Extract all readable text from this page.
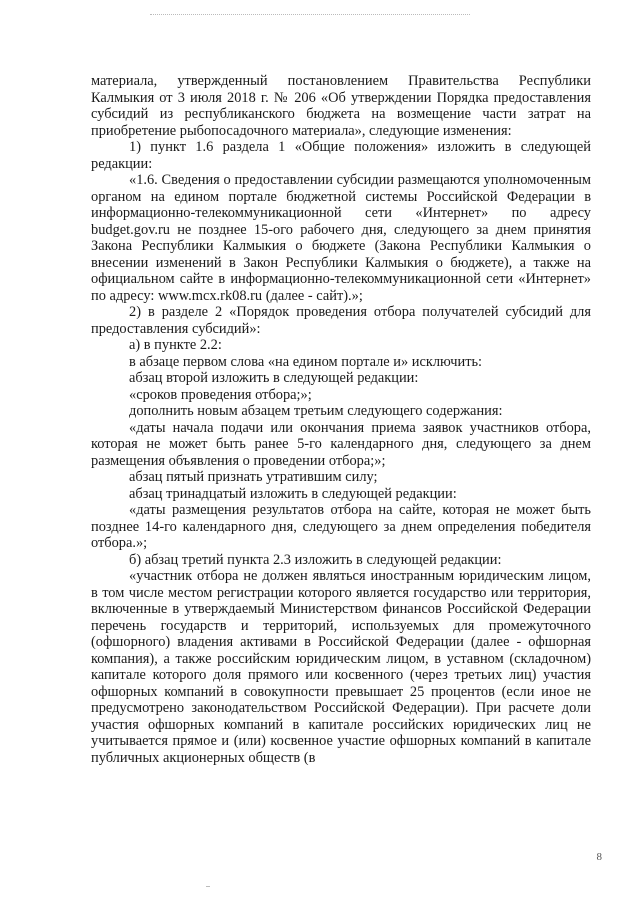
материала, утвержденный постановлением Правительства Республики Калмыкия от 3 июля 2018 г. № 206 «Об утверждении Порядка предоставления субсидий из республиканского бюджета на возмещение части затрат на приобретение рыбопосадочного материала», следующие изменения:

1) пункт 1.6 раздела 1 «Общие положения» изложить в следующей редакции:

«1.6. Сведения о предоставлении субсидии размещаются уполномоченным органом на едином портале бюджетной системы Российской Федерации в информационно-телекоммуникационной сети «Интернет» по адресу budget.gov.ru не позднее 15-ого рабочего дня, следующего за днем принятия Закона Республики Калмыкия о бюджете (Закона Республики Калмыкия о внесении изменений в Закон Республики Калмыкия о бюджете), а также на официальном сайте в информационно-телекоммуникационной сети «Интернет» по адресу: www.mcx.rk08.ru (далее - сайт).»;

2) в разделе 2 «Порядок проведения отбора получателей субсидий для предоставления субсидий»:

а) в пункте 2.2:

в абзаце первом слова «на едином портале и» исключить:

абзац второй изложить в следующей редакции:

«сроков проведения отбора;»;

дополнить новым абзацем третьим следующего содержания:

«даты начала подачи или окончания приема заявок участников отбора, которая не может быть ранее 5-го календарного дня, следующего за днем размещения объявления о проведении отбора;»;

абзац пятый признать утратившим силу;

абзац тринадцатый изложить в следующей редакции:

«даты размещения результатов отбора на сайте, которая не может быть позднее 14-го календарного дня, следующего за днем определения победителя отбора.»;

б) абзац третий пункта 2.3 изложить в следующей редакции:

«участник отбора не должен являться иностранным юридическим лицом, в том числе местом регистрации которого является государство или территория, включенные в утверждаемый Министерством финансов Российской Федерации перечень государств и территорий, используемых для промежуточного (офшорного) владения активами в Российской Федерации (далее - офшорная компания), а также российским юридическим лицом, в уставном (складочном) капитале которого доля прямого или косвенного (через третьих лиц) участия офшорных компаний в совокупности превышает 25 процентов (если иное не предусмотрено законодательством Российской Федерации). При расчете доли участия офшорных компаний в капитале российских юридических лиц не учитывается прямое и (или) косвенное участие офшорных компаний в капитале публичных акционерных обществ (в

8
